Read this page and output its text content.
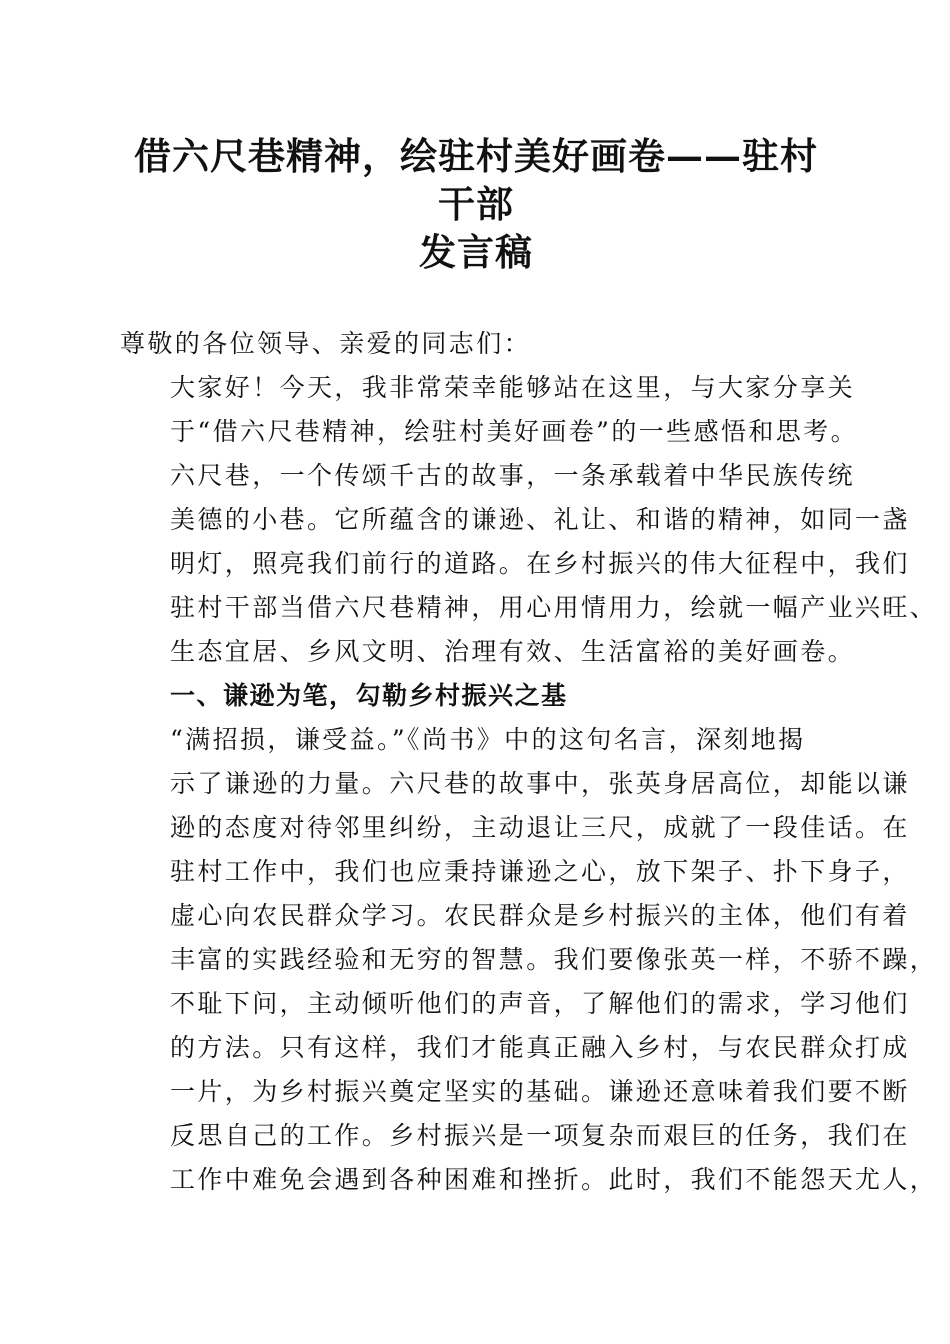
借六尺巷精神，绘驻村美好画卷——驻村干部
发言稿

尊敬的各位领导、亲爱的同志们：

大家好！今天，我非常荣幸能够站在这里，与大家分享关
于“借六尺巷精神，绘驻村美好画卷”的一些感悟和思考。

六尺巷，一个传颂千古的故事，一条承载着中华民族传统
美德的小巷。它所蕴含的谦逊、礼让、和谐的精神，如同一盏
明灯，照亮我们前行的道路。在乡村振兴的伟大征程中，我们
驻村干部当借六尺巷精神，用心用情用力，绘就一幅产业兴旺、
生态宜居、乡风文明、治理有效、生活富裕的美好画卷。

一、谦逊为笔，勾勒乡村振兴之基

“满招损，谦受益。”《尚书》中的这句名言，深刻地揭
示了谦逊的力量。六尺巷的故事中，张英身居高位，却能以谦
逊的态度对待邻里纠纷，主动退让三尺，成就了一段佳话。在
驻村工作中，我们也应秉持谦逊之心，放下架子、扑下身子，
虚心向农民群众学习。农民群众是乡村振兴的主体，他们有着
丰富的实践经验和无穷的智慧。我们要像张英一样，不骄不躁，
不耻下问，主动倾听他们的声音，了解他们的需求，学习他们
的方法。只有这样，我们才能真正融入乡村，与农民群众打成
一片，为乡村振兴奠定坚实的基础。谦逊还意味着我们要不断
反思自己的工作。乡村振兴是一项复杂而艰巨的任务，我们在
工作中难免会遇到各种困难和挫折。此时，我们不能怨天尤人，
